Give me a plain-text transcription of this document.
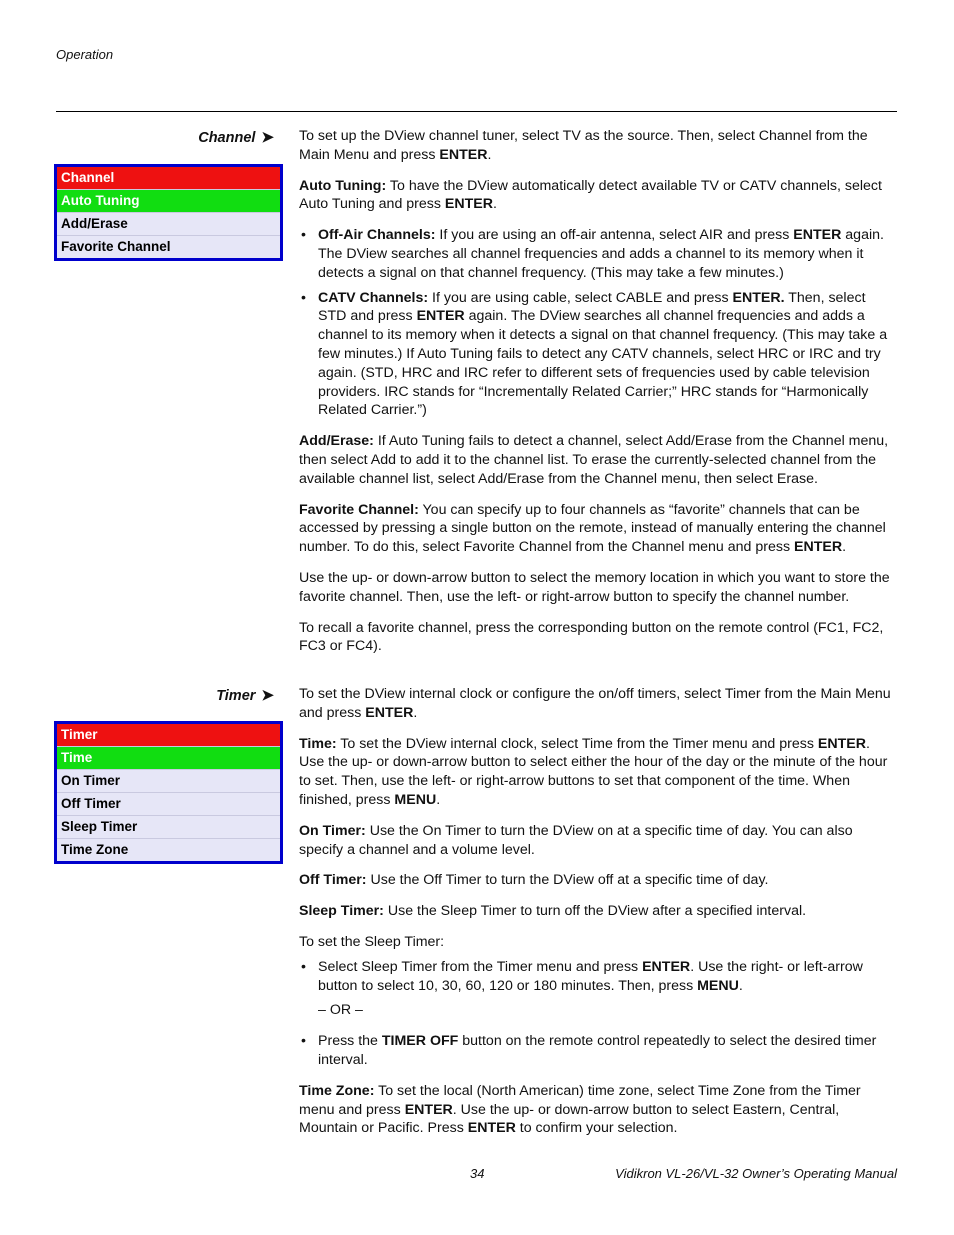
Operation
Channel ➤
Channel
Auto Tuning
Add/Erase
Favorite Channel

To set up the DView channel tuner, select TV as the source. Then, select Channel from the Main Menu and press ENTER.

Auto Tuning: To have the DView automatically detect available TV or CATV channels, select Auto Tuning and press ENTER.

• Off-Air Channels: If you are using an off-air antenna, select AIR and press ENTER again. The DView searches all channel frequencies and adds a channel to its memory when it detects a signal on that channel frequency. (This may take a few minutes.)
• CATV Channels: If you are using cable, select CABLE and press ENTER. Then, select STD and press ENTER again. The DView searches all channel frequencies and adds a channel to its memory when it detects a signal on that channel frequency. (This may take a few minutes.) If Auto Tuning fails to detect any CATV channels, select HRC or IRC and try again. (STD, HRC and IRC refer to different sets of frequencies used by cable television providers. IRC stands for “Incrementally Related Carrier;” HRC stands for “Harmonically Related Carrier.”)

Add/Erase: If Auto Tuning fails to detect a channel, select Add/Erase from the Channel menu, then select Add to add it to the channel list. To erase the currently-selected channel from the available channel list, select Add/Erase from the Channel menu, then select Erase.

Favorite Channel: You can specify up to four channels as “favorite” channels that can be accessed by pressing a single button on the remote, instead of manually entering the channel number. To do this, select Favorite Channel from the Channel menu and press ENTER.

Use the up- or down-arrow button to select the memory location in which you want to store the favorite channel. Then, use the left- or right-arrow button to specify the channel number.

To recall a favorite channel, press the corresponding button on the remote control (FC1, FC2, FC3 or FC4).

Timer ➤
Timer
Time
On Timer
Off Timer
Sleep Timer
Time Zone

To set the DView internal clock or configure the on/off timers, select Timer from the Main Menu and press ENTER.

Time: To set the DView internal clock, select Time from the Timer menu and press ENTER. Use the up- or down-arrow button to select either the hour of the day or the minute of the hour to set. Then, use the left- or right-arrow buttons to set that component of the time. When finished, press MENU.

On Timer: Use the On Timer to turn the DView on at a specific time of day. You can also specify a channel and a volume level.

Off Timer: Use the Off Timer to turn the DView off at a specific time of day.

Sleep Timer: Use the Sleep Timer to turn off the DView after a specified interval.

To set the Sleep Timer:

• Select Sleep Timer from the Timer menu and press ENTER. Use the right- or left-arrow button to select 10, 30, 60, 120 or 180 minutes. Then, press MENU.

– OR –

• Press the TIMER OFF button on the remote control repeatedly to select the desired timer interval.

Time Zone: To set the local (North American) time zone, select Time Zone from the Timer menu and press ENTER. Use the up- or down-arrow button to select Eastern, Central, Mountain or Pacific. Press ENTER to confirm your selection.

34	Vidikron VL-26/VL-32 Owner’s Operating Manual
